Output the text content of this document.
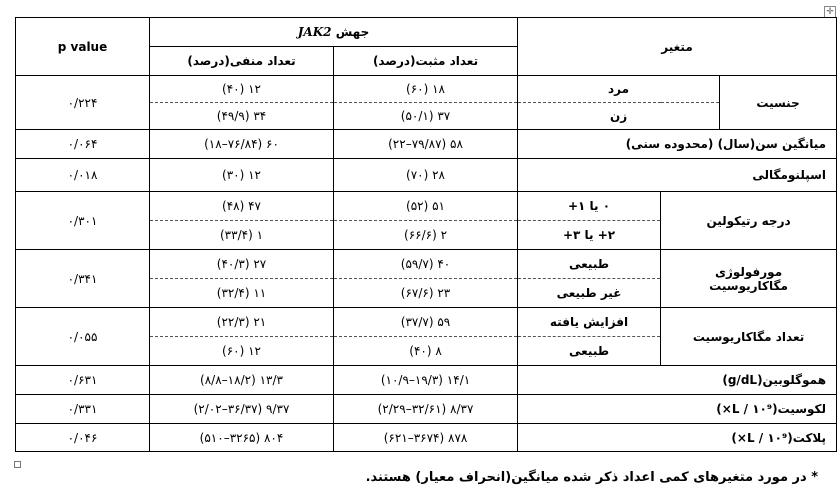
✛
متغیر			جهش JAK2		p value
			تعداد مثبت(درصد)	تعداد منفی(درصد)	
جنسیت	مرد		۱۸ (۶۰)	۱۲ (۴۰)	۰/۲۲۴
	زن		۳۷ (۵۰/۱)	۳۴ (۴۹/۹)	
میانگین سن(سال) (محدوده سنی)			۵۸ (۷۹/۸۷–۲۲)	۶۰ (۷۶/۸۴–۱۸)	۰/۰۶۴
اسپلنومگالی			۲۸ (۷۰)	۱۲ (۳۰)	۰/۰۱۸
درجه رتیکولین		۰ یا ۱+	۵۱ (۵۲)	۴۷ (۴۸)	۰/۳۰۱
		۲+ یا ۳+	۲ (۶۶/۶)	۱ (۳۳/۴)	

مورفولوژی
مگاکاریوسیت		طبیعی	۴۰ (۵۹/۷)	۲۷ (۴۰/۳)	۰/۳۴۱
		غیر طبیعی	۲۳ (۶۷/۶)	۱۱ (۳۲/۴)	
تعداد مگاکاریوسیت		افزایش یافته	۵۹ (۳۷/۷)	۲۱ (۲۲/۳)	۰/۰۵۵
		طبیعی	۸ (۴۰)	۱۲ (۶۰)	
هموگلوبین(g/dL)			۱۴/۱ (۱۹/۳–۱۰/۹)	۱۳/۳ (۱۸/۲–۸/۸)	۰/۶۳۱
لکوسیت(L / ۱۰⁹×)			۸/۳۷ (۳۲/۶۱–۲/۲۹)	۹/۳۷ (۳۶/۳۷–۲/۰۲)	۰/۳۳۱
پلاکت(L / ۱۰⁹×)			۸۷۸ (۳۶۷۴–۶۲۱)	۸۰۴ (۳۲۶۵–۵۱۰)	۰/۰۴۶
* در مورد متغیرهای کمی اعداد ذکر شده میانگین(انحراف معیار) هستند.
